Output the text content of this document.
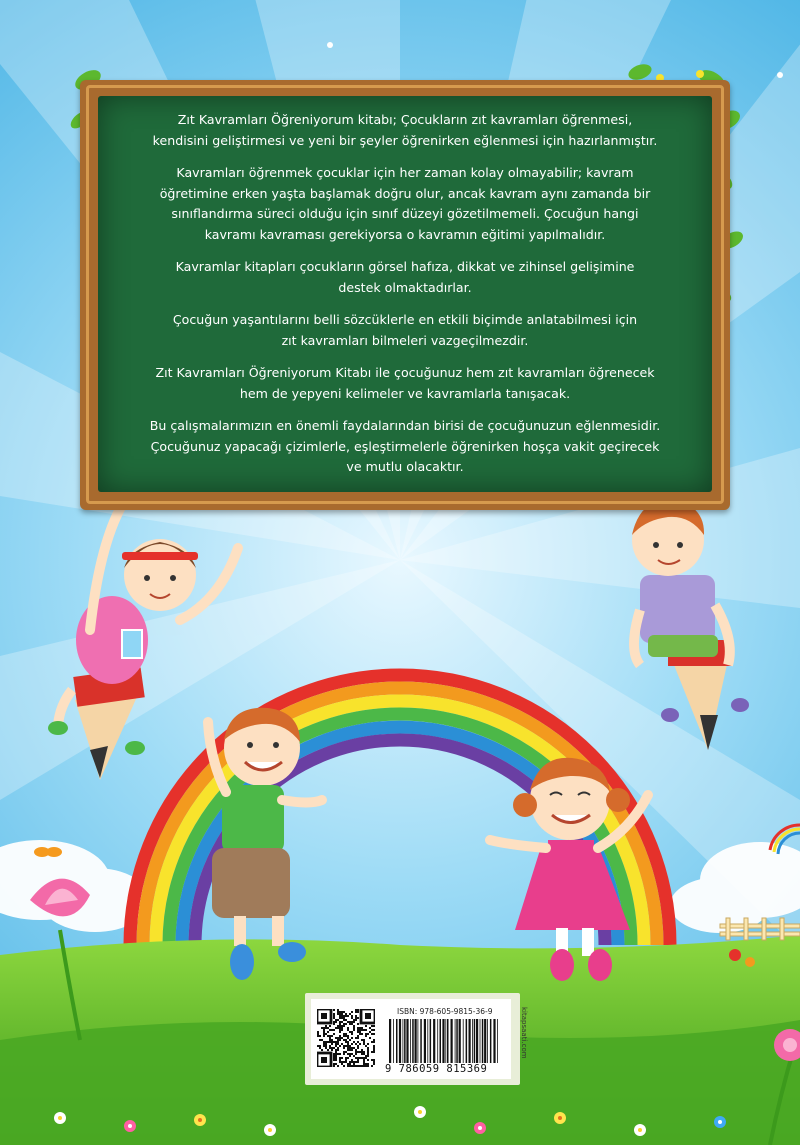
Zıt Kavramları Öğreniyorum kitabı; Çocukların zıt kavramları öğrenmesi,
kendisini geliştirmesi ve yeni bir şeyler öğrenirken eğlenmesi için hazırlanmıştır.

Kavramları öğrenmek çocuklar için her zaman kolay olmayabilir; kavram
öğretimine erken yaşta başlamak doğru olur, ancak kavram aynı zamanda bir
sınıflandırma süreci olduğu için sınıf düzeyi gözetilmemeli. Çocuğun hangi
kavramı kavraması gerekiyorsa o kavramın eğitimi yapılmalıdır.

Kavramlar kitapları çocukların görsel hafıza, dikkat ve zihinsel gelişimine
destek olmaktadırlar.

Çocuğun yaşantılarını belli sözcüklerle en etkili biçimde anlatabilmesi için
zıt kavramları bilmeleri vazgeçilmezdir.

Zıt Kavramları Öğreniyorum Kitabı ile çocuğunuz hem zıt kavramları öğrenecek
hem de yepyeni kelimeler ve kavramlarla tanışacak.

Bu çalışmalarımızın en önemli faydalarından birisi de çocuğunuzun eğlenmesidir.
Çocuğunuz yapacağı çizimlerle, eşleştirmelerle öğrenirken hoşça vakit geçirecek
ve mutlu olacaktır.

ISBN: 978-605-9815-36-9
9 786059 815369
kitapsaati.com
